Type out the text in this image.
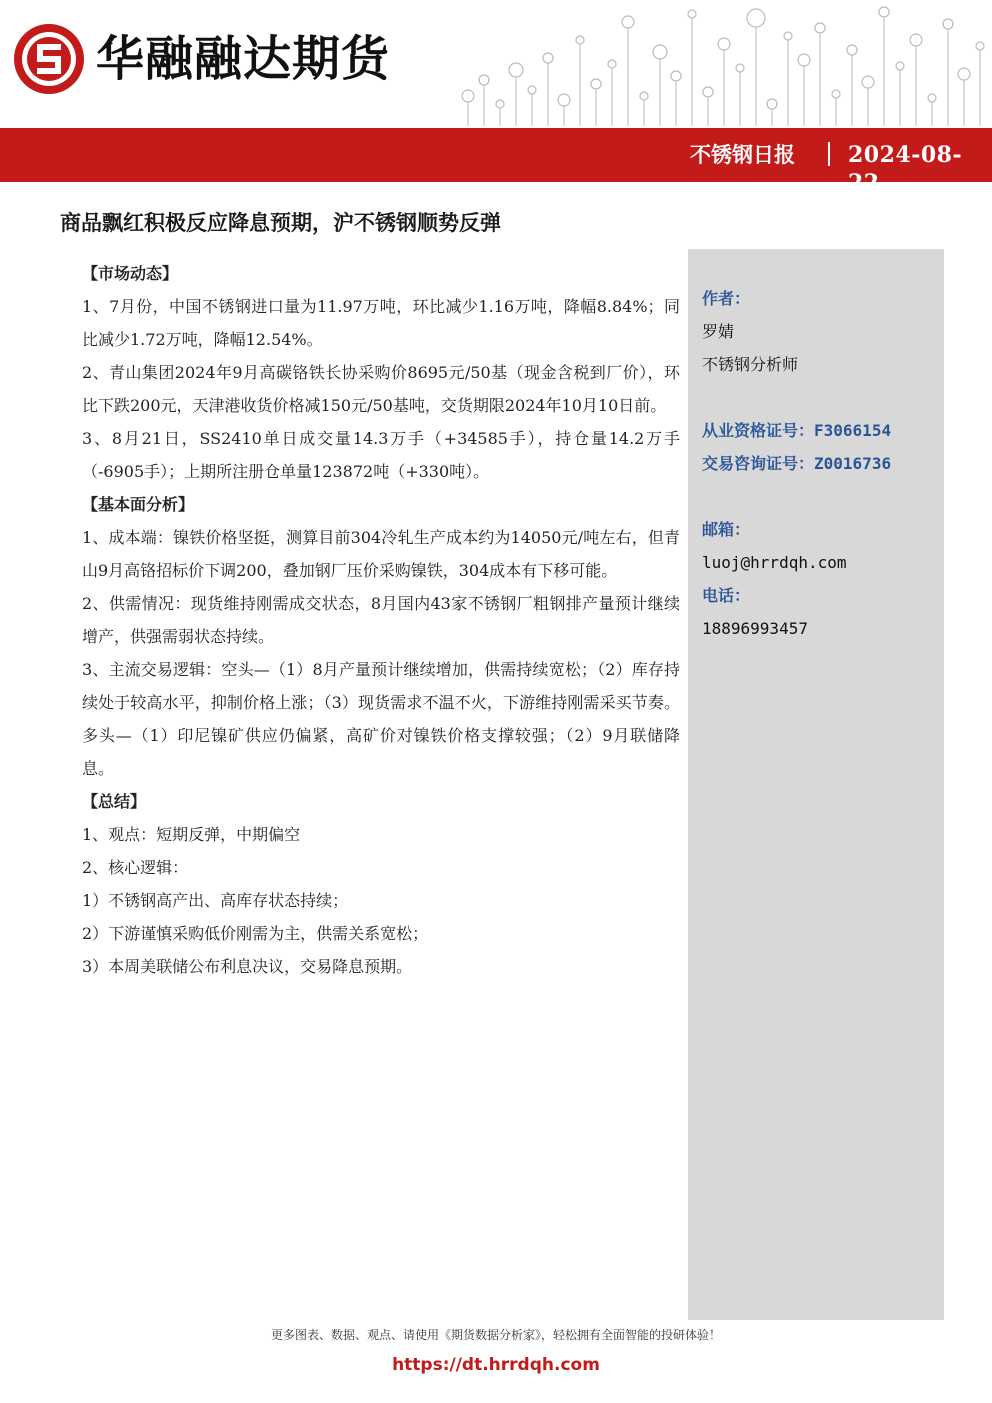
华融融达期货
不锈钢日报 2024-08-22
商品飘红积极反应降息预期，沪不锈钢顺势反弹
【市场动态】

1、7月份，中国不锈钢进口量为11.97万吨，环比减少1.16万吨，降幅8.84%；同比减少1.72万吨，降幅12.54%。

2、青山集团2024年9月高碳铬铁长协采购价8695元/50基（现金含税到厂价），环比下跌200元，天津港收货价格减150元/50基吨，交货期限2024年10月10日前。

3、8月21日，SS2410单日成交量14.3万手（+34585手），持仓量14.2万手（-6905手）；上期所注册仓单量123872吨（+330吨）。

【基本面分析】

1、成本端：镍铁价格坚挺，测算目前304冷轧生产成本约为14050元/吨左右，但青山9月高铬招标价下调200，叠加钢厂压价采购镍铁，304成本有下移可能。

2、供需情况：现货维持刚需成交状态，8月国内43家不锈钢厂粗钢排产量预计继续增产，供强需弱状态持续。

3、主流交易逻辑：空头—（1）8月产量预计继续增加，供需持续宽松；（2）库存持续处于较高水平，抑制价格上涨；（3）现货需求不温不火，下游维持刚需采买节奏。多头—（1）印尼镍矿供应仍偏紧，高矿价对镍铁价格支撑较强；（2）9月联储降息。

【总结】

1、观点：短期反弹，中期偏空

2、核心逻辑：

1）不锈钢高产出、高库存状态持续；

2）下游谨慎采购低价刚需为主，供需关系宽松；

3）本周美联储公布利息决议，交易降息预期。

作者：
罗婧
不锈钢分析师
从业资格证号：F3066154
交易咨询证号：Z0016736
邮箱：
luoj@hrrdqh.com
电话：
18896993457
更多图表、数据、观点、请使用《期货数据分析家》，轻松拥有全面智能的投研体验！
https://dt.hrrdqh.com
